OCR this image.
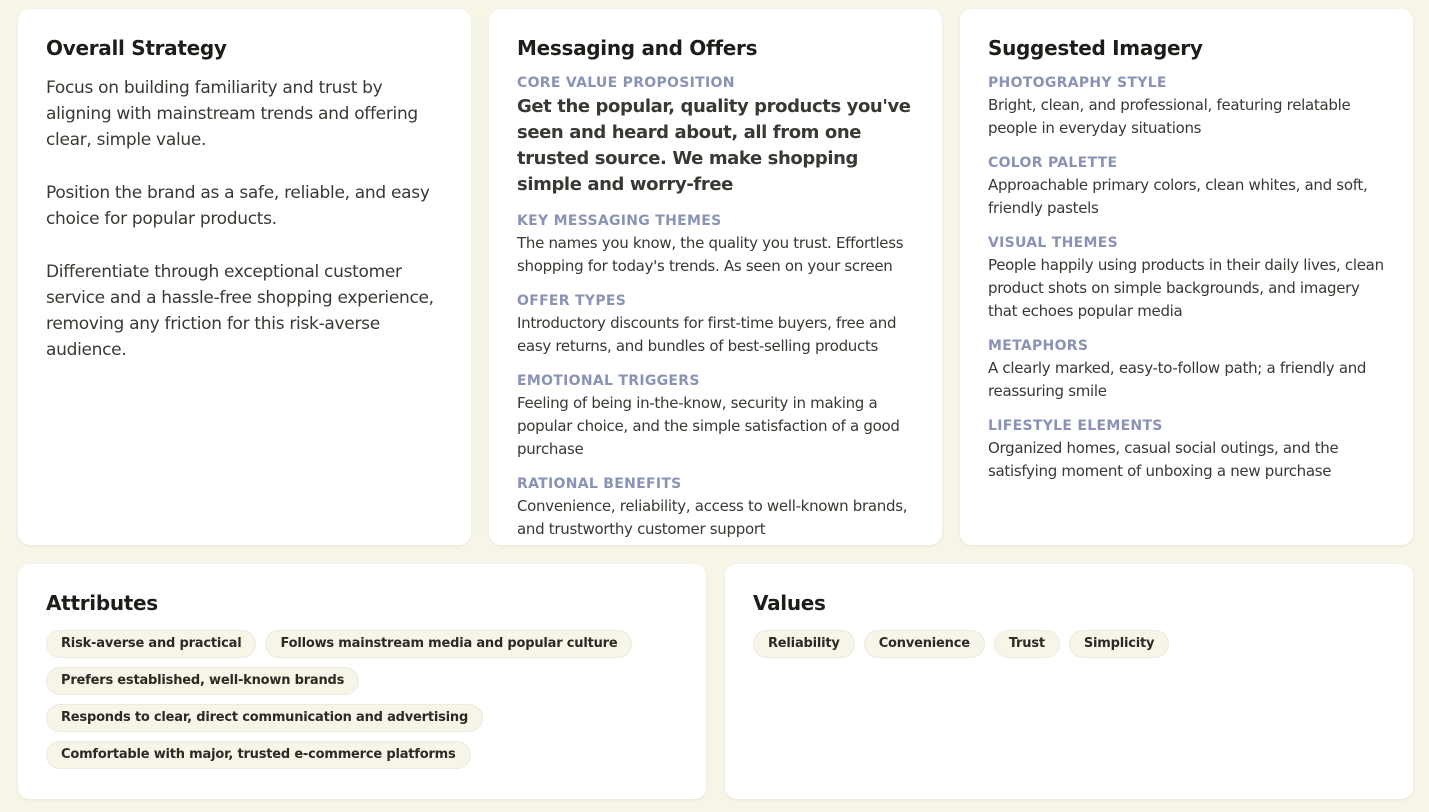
Overall Strategy

Focus on building familiarity and trust by aligning with mainstream trends and offering clear, simple value.

Position the brand as a safe, reliable, and easy choice for popular products.

Differentiate through exceptional customer service and a hassle-free shopping experience, removing any friction for this risk-averse audience.

Messaging and Offers
CORE VALUE PROPOSITION
Get the popular, quality products you've seen and heard about, all from one trusted source. We make shopping simple and worry-free
KEY MESSAGING THEMES
The names you know, the quality you trust. Effortless shopping for today's trends. As seen on your screen
OFFER TYPES
Introductory discounts for first-time buyers, free and easy returns, and bundles of best-selling products
EMOTIONAL TRIGGERS
Feeling of being in-the-know, security in making a popular choice, and the simple satisfaction of a good purchase
RATIONAL BENEFITS
Convenience, reliability, access to well-known brands, and trustworthy customer support
Suggested Imagery
PHOTOGRAPHY STYLE
Bright, clean, and professional, featuring relatable people in everyday situations
COLOR PALETTE
Approachable primary colors, clean whites, and soft, friendly pastels
VISUAL THEMES
People happily using products in their daily lives, clean product shots on simple backgrounds, and imagery that echoes popular media
METAPHORS
A clearly marked, easy-to-follow path; a friendly and reassuring smile
LIFESTYLE ELEMENTS
Organized homes, casual social outings, and the satisfying moment of unboxing a new purchase
Attributes
Risk-averse and practical	Follows mainstream media and popular culture
Prefers established, well-known brands
Responds to clear, direct communication and advertising
Comfortable with major, trusted e-commerce platforms
Values
Reliability	Convenience	Trust	Simplicity
